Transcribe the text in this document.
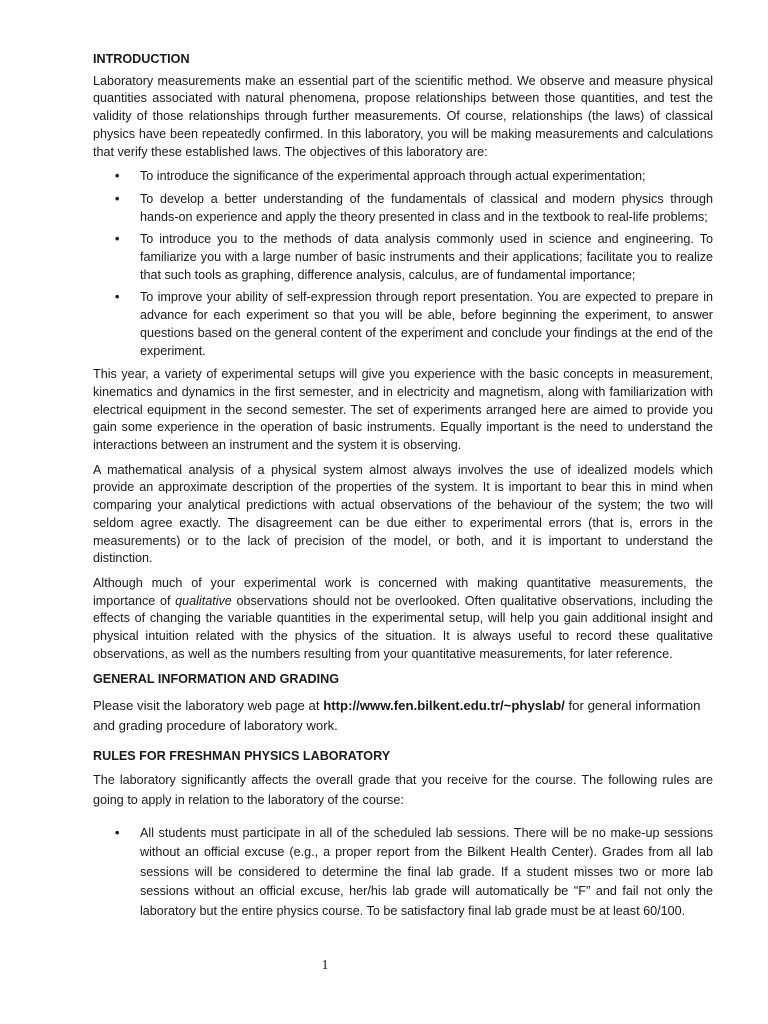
INTRODUCTION

Laboratory measurements make an essential part of the scientific method. We observe and measure physical quantities associated with natural phenomena, propose relationships between those quantities, and test the validity of those relationships through further measurements. Of course, relationships (the laws) of classical physics have been repeatedly confirmed. In this laboratory, you will be making measurements and calculations that verify these established laws. The objectives of this laboratory are:

• To introduce the significance of the experimental approach through actual experimentation;
• To develop a better understanding of the fundamentals of classical and modern physics through hands-on experience and apply the theory presented in class and in the textbook to real-life problems;
• To introduce you to the methods of data analysis commonly used in science and engineering. To familiarize you with a large number of basic instruments and their applications; facilitate you to realize that such tools as graphing, difference analysis, calculus, are of fundamental importance;
• To improve your ability of self-expression through report presentation. You are expected to prepare in advance for each experiment so that you will be able, before beginning the experiment, to answer questions based on the general content of the experiment and conclude your findings at the end of the experiment.

This year, a variety of experimental setups will give you experience with the basic concepts in measurement, kinematics and dynamics in the first semester, and in electricity and magnetism, along with familiarization with electrical equipment in the second semester. The set of experiments arranged here are aimed to provide you gain some experience in the operation of basic instruments. Equally important is the need to understand the interactions between an instrument and the system it is observing.

A mathematical analysis of a physical system almost always involves the use of idealized models which provide an approximate description of the properties of the system. It is important to bear this in mind when comparing your analytical predictions with actual observations of the behaviour of the system; the two will seldom agree exactly. The disagreement can be due either to experimental errors (that is, errors in the measurements) or to the lack of precision of the model, or both, and it is important to understand the distinction.

Although much of your experimental work is concerned with making quantitative measurements, the importance of qualitative observations should not be overlooked. Often qualitative observations, including the effects of changing the variable quantities in the experimental setup, will help you gain additional insight and physical intuition related with the physics of the situation. It is always useful to record these qualitative observations, as well as the numbers resulting from your quantitative measurements, for later reference.

GENERAL INFORMATION AND GRADING

Please visit the laboratory web page at http://www.fen.bilkent.edu.tr/~physlab/ for general information and grading procedure of laboratory work.

RULES FOR FRESHMAN PHYSICS LABORATORY

The laboratory significantly affects the overall grade that you receive for the course. The following rules are going to apply in relation to the laboratory of the course:

• All students must participate in all of the scheduled lab sessions. There will be no make-up sessions without an official excuse (e.g., a proper report from the Bilkent Health Center). Grades from all lab sessions will be considered to determine the final lab grade. If a student misses two or more lab sessions without an official excuse, her/his lab grade will automatically be "F" and fail not only the laboratory but the entire physics course. To be satisfactory final lab grade must be at least 60/100.
1
